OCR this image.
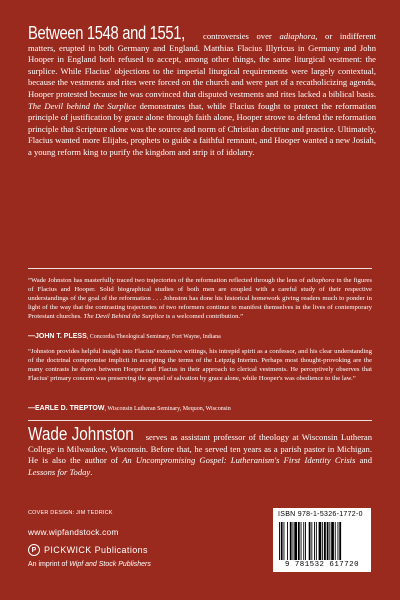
Between 1548 and 1551, controversies over adiaphora, or indifferent matters, erupted in both Germany and England. Matthias Flacius Illyricus in Germany and John Hooper in England both refused to accept, among other things, the same liturgical vestment: the surplice. While Flacius' objections to the imperial liturgical requirements were largely contextual, because the vestments and rites were forced on the church and were part of a recatholicizing agenda, Hooper protested because he was convinced that disputed vestments and rites lacked a biblical basis. The Devil behind the Surplice demonstrates that, while Flacius fought to protect the reformation principle of justification by grace alone through faith alone, Hooper strove to defend the reformation principle that Scripture alone was the source and norm of Christian doctrine and practice. Ultimately, Flacius wanted more Elijahs, prophets to guide a faithful remnant, and Hooper wanted a new Josiah, a young reform king to purify the kingdom and strip it of idolatry.

“Wade Johnston has masterfully traced two trajectories of the reformation reflected through the lens of adiaphora in the figures of Flacius and Hooper. Solid biographical studies of both men are coupled with a careful study of their respective understandings of the goal of the reformation . . . Johnston has done his historical homework giving readers much to ponder in light of the way that the contrasting trajectories of two reformers continue to manifest themselves in the lives of contemporary Protestant churches. The Devil Behind the Surplice is a welcomed contribution.”

—JOHN T. PLESS, Concordia Theological Seminary, Fort Wayne, Indiana

“Johnston provides helpful insight into Flacius' extensive writings, his intrepid spirit as a confessor, and his clear understanding of the doctrinal compromise implicit in accepting the terms of the Leipzig Interim. Perhaps most thought-provoking are the many contrasts he draws between Hooper and Flacius in their approach to clerical vestments. He perceptively observes that Flacius' primary concern was preserving the gospel of salvation by grace alone, while Hooper's was obedience to the law.”

—EARLE D. TREPTOW, Wisconsin Lutheran Seminary, Mequon, Wisconsin

Wade Johnston serves as assistant professor of theology at Wisconsin Lutheran College in Milwaukee, Wisconsin. Before that, he served ten years as a parish pastor in Michigan. He is also the author of An Uncompromising Gospel: Lutheranism's First Identity Crisis and Lessons for Today.

COVER DESIGN: JIM TEDRICK
www.wipfandstock.com
P PICKWICK Publications
An imprint of Wipf and Stock Publishers
ISBN 978-1-5326-1772-0
9 781532 617720
